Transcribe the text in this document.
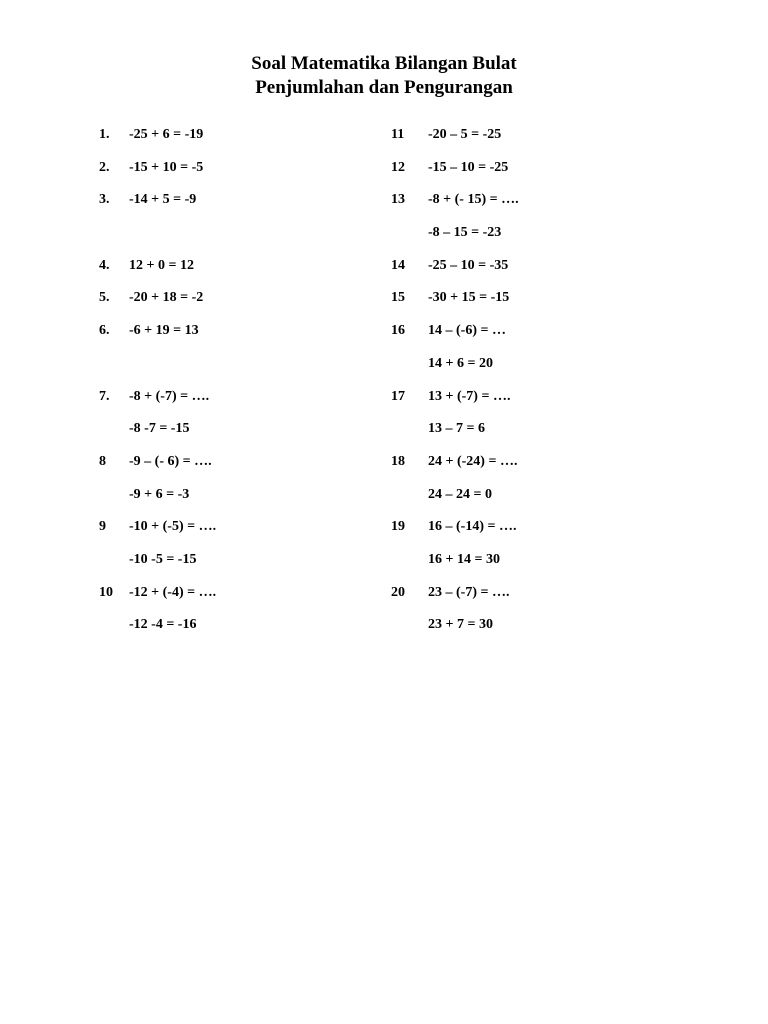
Soal Matematika Bilangan Bulat
Penjumlahan dan Pengurangan
1.	-25 + 6 = -19
2.	-15 + 10 = -5
3.	-14 + 5 = -9
4.	12 + 0 = 12
5.	-20 + 18 = -2
6.	-6 + 19 = 13
7.	-8 + (-7) = ….
-8 -7 = -15
8	-9 – (- 6) = ….
-9 + 6 = -3
9	-10 + (-5) = ….
-10 -5 = -15
10	-12 + (-4) = ….
-12 -4 = -16
11	-20 – 5 = -25
12	-15 – 10 = -25
13	-8 + (- 15) = ….
-8 – 15 = -23
14	-25 – 10 = -35
15	-30 + 15 = -15
16	14 – (-6) = …
14 + 6 = 20
17	13 + (-7) = ….
13 – 7 = 6
18	24 + (-24) = ….
24 – 24 = 0
19	16 – (-14) = ….
16 + 14 = 30
20	23 – (-7) = ….
23 + 7 = 30
